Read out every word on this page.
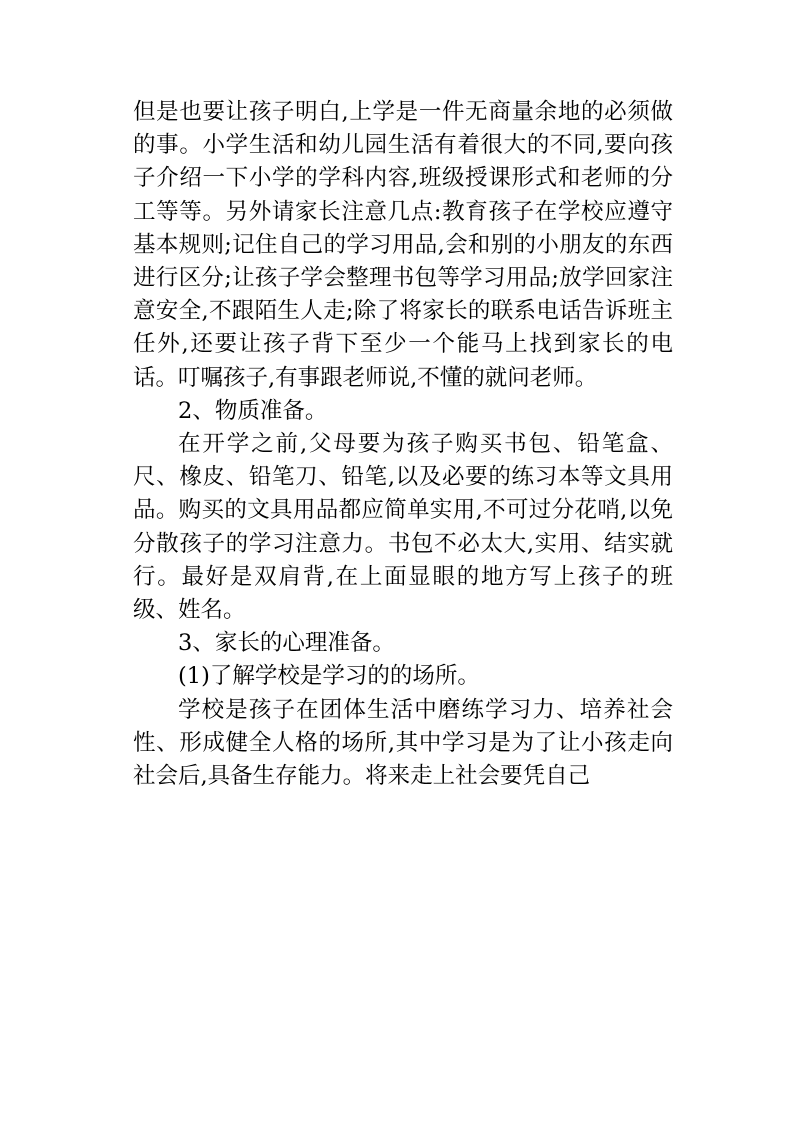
但是也要让孩子明白,上学是一件无商量余地的必须做的事。小学生活和幼儿园生活有着很大的不同,要向孩子介绍一下小学的学科内容,班级授课形式和老师的分工等等。另外请家长注意几点:教育孩子在学校应遵守基本规则;记住自己的学习用品,会和别的小朋友的东西进行区分;让孩子学会整理书包等学习用品;放学回家注意安全,不跟陌生人走;除了将家长的联系电话告诉班主任外,还要让孩子背下至少一个能马上找到家长的电话。叮嘱孩子,有事跟老师说,不懂的就问老师。

2、物质准备。

在开学之前,父母要为孩子购买书包、铅笔盒、尺、橡皮、铅笔刀、铅笔,以及必要的练习本等文具用品。购买的文具用品都应简单实用,不可过分花哨,以免分散孩子的学习注意力。书包不必太大,实用、结实就行。最好是双肩背,在上面显眼的地方写上孩子的班级、姓名。

3、家长的心理准备。

(1)了解学校是学习的的场所。

学校是孩子在团体生活中磨练学习力、培养社会性、形成健全人格的场所,其中学习是为了让小孩走向社会后,具备生存能力。将来走上社会要凭自己
